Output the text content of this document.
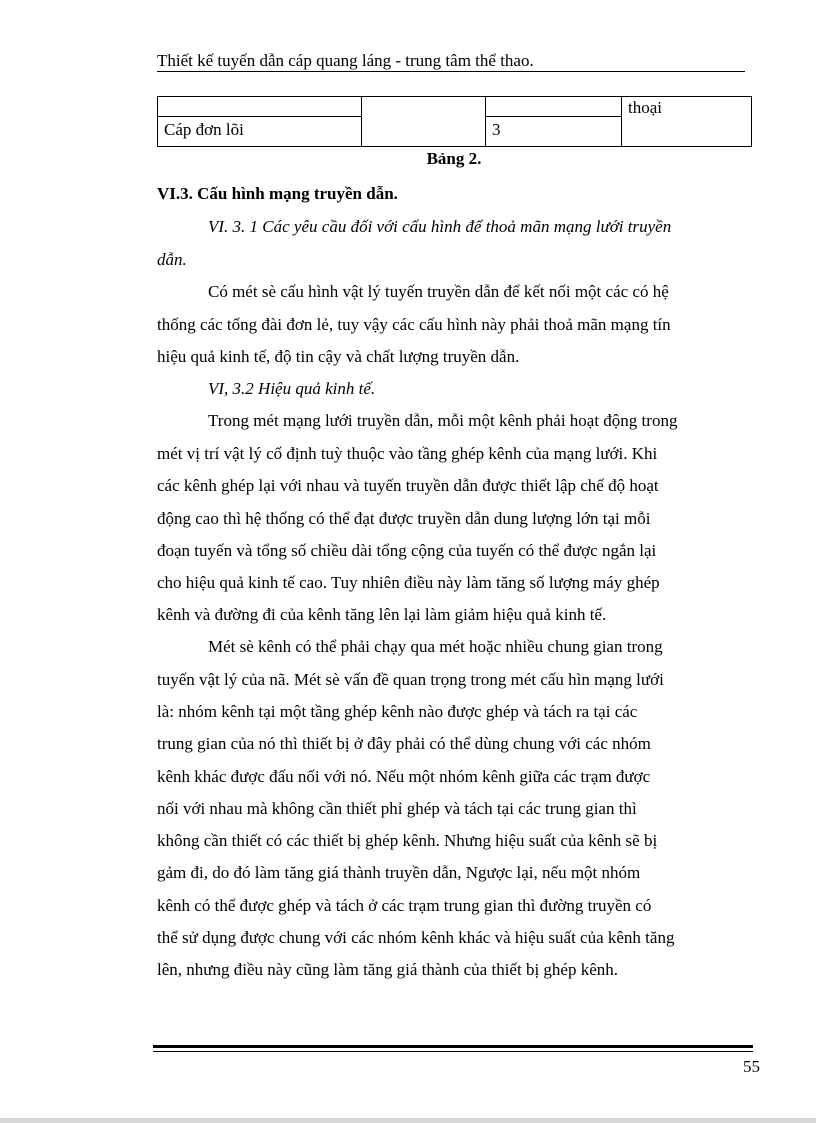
Thiết kế tuyến dẫn cáp quang láng - trung tâm thể thao.
			thoại
Cáp đơn lõi		3	
Bảng 2.

VI.3. Cấu hình mạng truyền dẫn.

VI. 3. 1 Các yêu cầu đối với cấu hình để thoả mãn mạng lưới truyền

dẫn.

Có mét sè cấu hình vật lý tuyến truyền dẫn để kết nối một các có hệ

thống các tổng đài đơn lẻ, tuy vậy các cấu hình này phải thoả mãn mạng tín

hiệu quả kinh tế, độ tin cậy và chất lượng truyền dẫn.

VI, 3.2 Hiệu quả kinh tế.

Trong mét mạng lưới truyền dẫn, mỗi một kênh phải hoạt động trong

mét vị trí vật lý cố định tuỳ thuộc vào tầng ghép kênh của mạng lưới. Khi

các kênh ghép lại với nhau và tuyến truyền dẫn được thiết lập chế độ hoạt

động cao thì hệ thống có thể đạt được truyền dẫn dung lượng lớn tại mỗi

đoạn tuyến và tổng số chiều dài tổng cộng của tuyến có thể được ngắn lại

cho hiệu quả kinh tế cao. Tuy nhiên điều này làm tăng số lượng máy ghép

kênh và đường đi của kênh tăng lên lại làm giảm hiệu quả kinh tế.

Mét sè kênh có thể phải chạy qua mét hoặc nhiều chung gian trong

tuyến vật lý của nã. Mét sè vấn đề quan trọng trong mét cấu hìn mạng lưới

là: nhóm kênh tại một tầng ghép kênh nào được ghép và tách ra tại các

trung gian của nó thì thiết bị ở đây phải có thể dùng chung với các nhóm

kênh khác được đấu nối với nó. Nếu một nhóm kênh giữa các trạm được

nối với nhau mà không cần thiết phỉ ghép và tách tại các trung gian thì

không cần thiết có các thiết bị ghép kênh. Nhưng hiệu suất của kênh sẽ bị

gảm đi, do đó làm tăng giá thành truyền dẫn, Ngược lại, nếu một nhóm

kênh có thể được ghép và tách ở các trạm trung gian thì đường truyền có

thể sử dụng được chung với các nhóm kênh khác và hiệu suất của kênh tăng

lên, nhưng điều này cũng làm tăng giá thành của thiết bị ghép kênh.

55
